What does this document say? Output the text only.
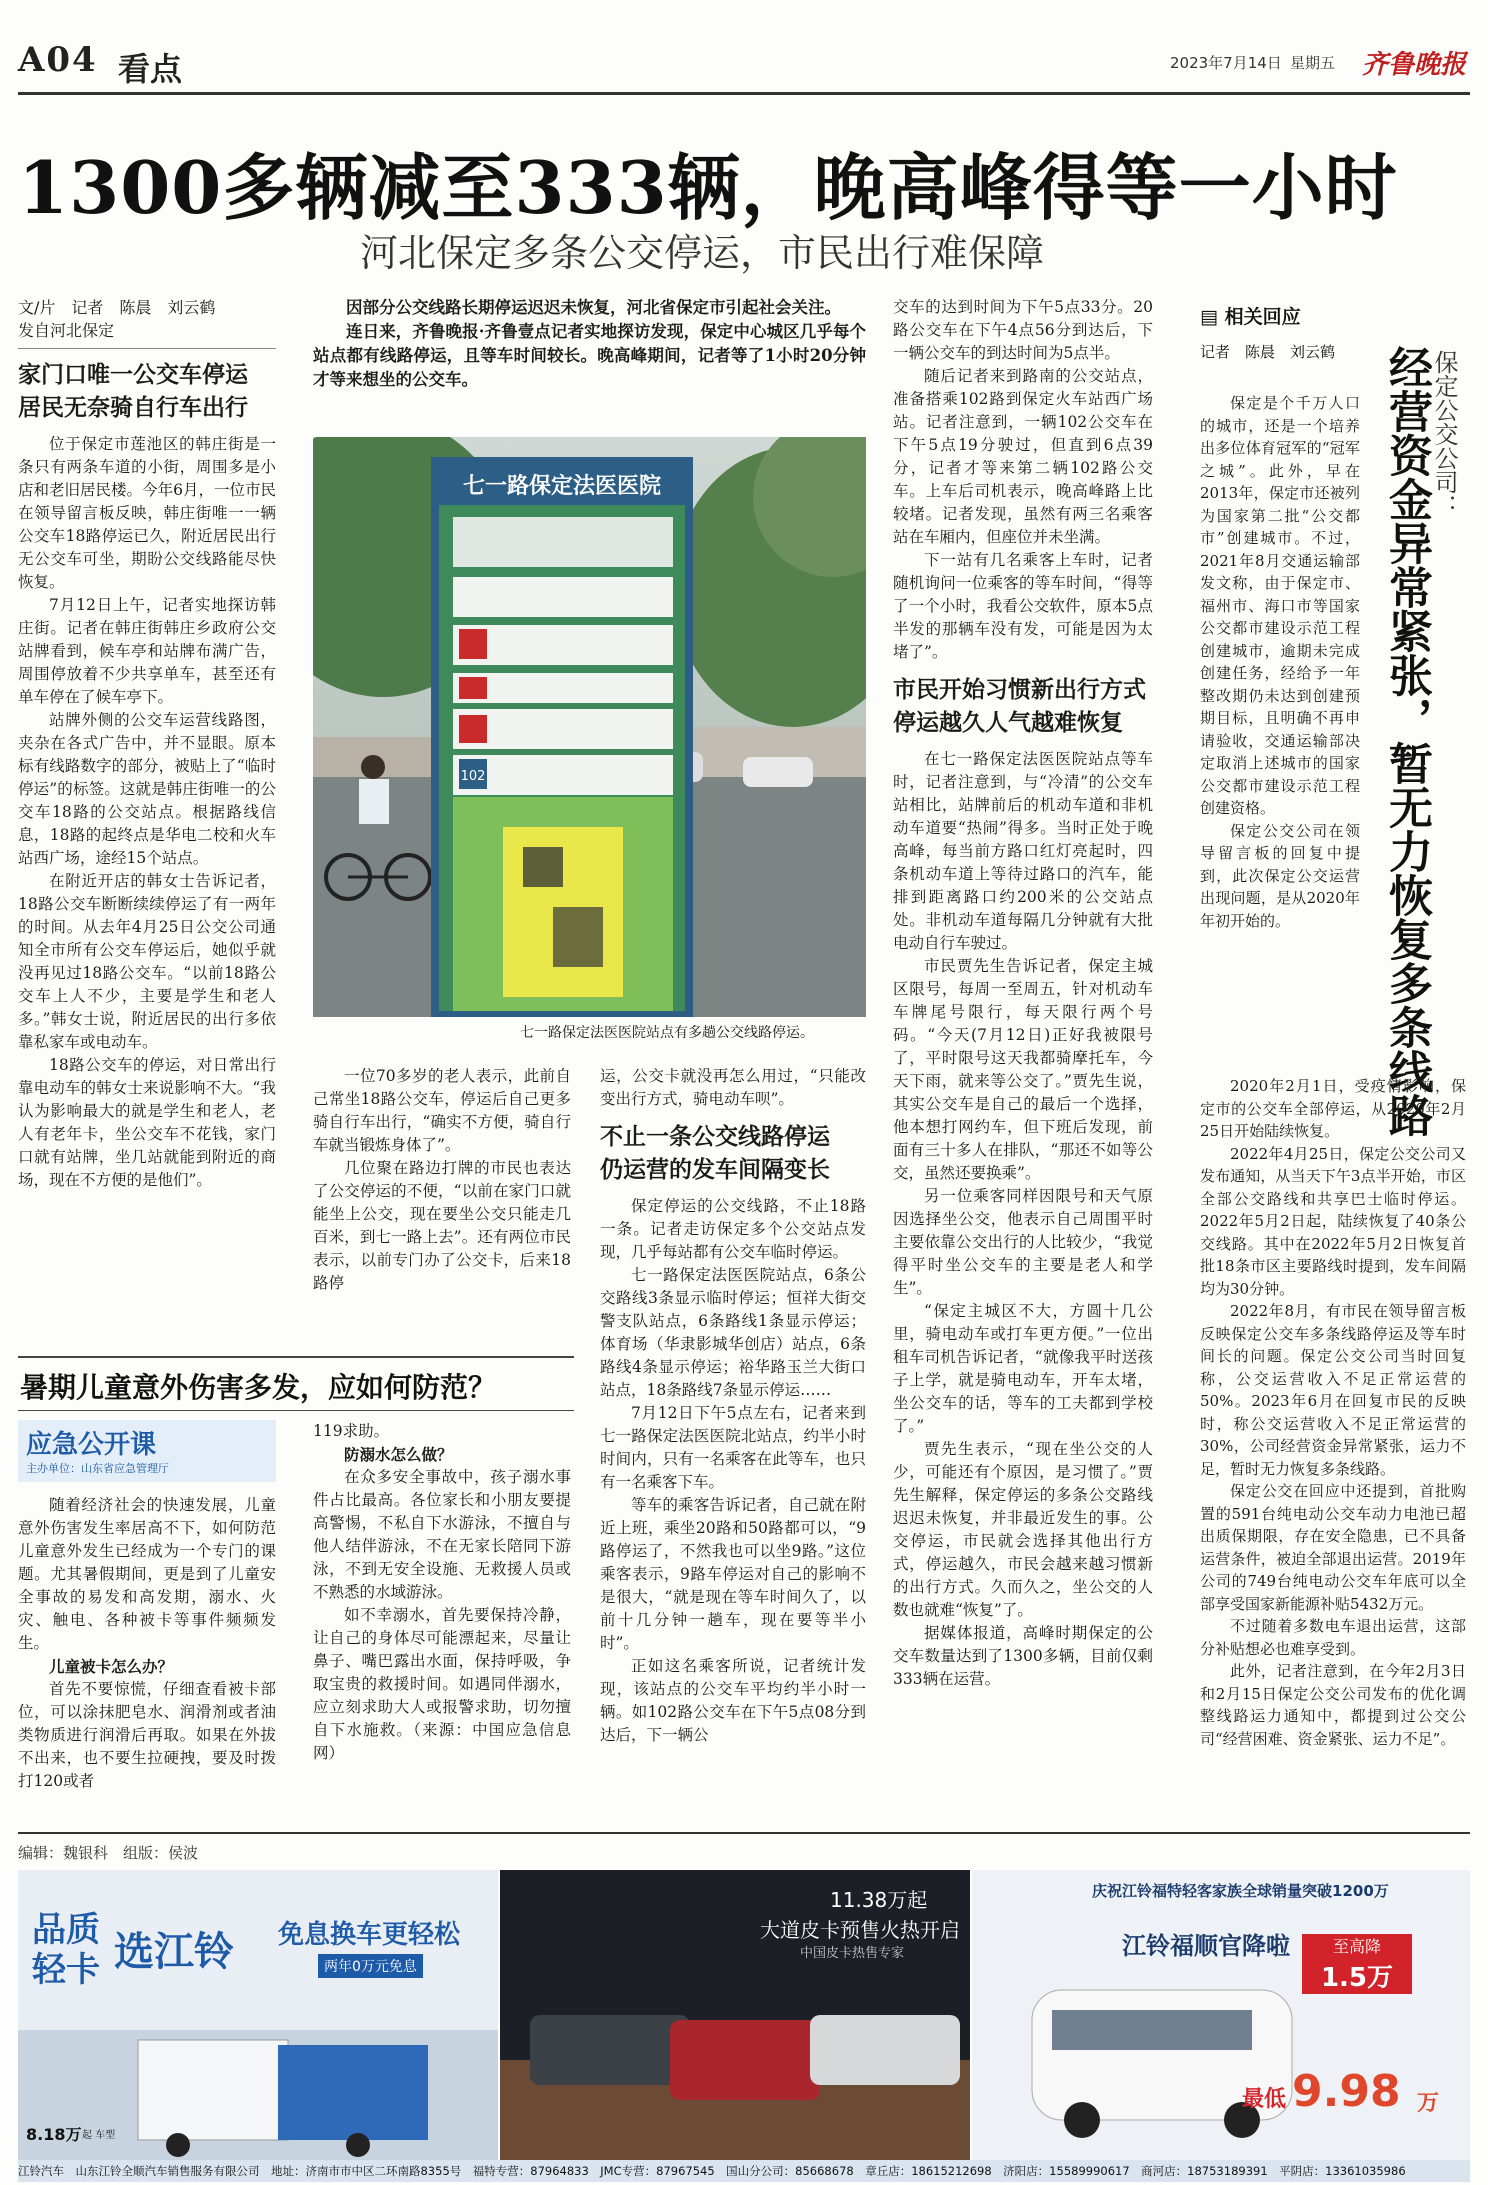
A04 看点	2023年7月14日 星期五 齐鲁晚报
1300多辆减至333辆，晚高峰得等一小时
河北保定多条公交停运，市民出行难保障
文/片　记者　陈晨　刘云鹤
发自河北保定
家门口唯一公交车停运
居民无奈骑自行车出行

位于保定市莲池区的韩庄街是一条只有两条车道的小街，周围多是小店和老旧居民楼。今年6月，一位市民在领导留言板反映，韩庄街唯一一辆公交车18路停运已久，附近居民出行无公交车可坐，期盼公交线路能尽快恢复。

7月12日上午，记者实地探访韩庄街。记者在韩庄街韩庄乡政府公交站牌看到，候车亭和站牌布满广告，周围停放着不少共享单车，甚至还有单车停在了候车亭下。

站牌外侧的公交车运营线路图，夹杂在各式广告中，并不显眼。原本标有线路数字的部分，被贴上了“临时停运”的标签。这就是韩庄街唯一的公交车18路的公交站点。根据路线信息，18路的起终点是华电二校和火车站西广场，途经15个站点。

在附近开店的韩女士告诉记者，18路公交车断断续续停运了有一两年的时间。从去年4月25日公交公司通知全市所有公交车停运后，她似乎就没再见过18路公交车。“以前18路公交车上人不少，主要是学生和老人多。”韩女士说，附近居民的出行多依靠私家车或电动车。

18路公交车的停运，对日常出行靠电动车的韩女士来说影响不大。“我认为影响最大的就是学生和老人，老人有老年卡，坐公交车不花钱，家门口就有站牌，坐几站就能到附近的商场，现在不方便的是他们”。

因部分公交线路长期停运迟迟未恢复，河北省保定市引起社会关注。

连日来，齐鲁晚报·齐鲁壹点记者实地探访发现，保定中心城区几乎每个站点都有线路停运，且等车时间较长。晚高峰期间，记者等了1小时20分钟才等来想坐的公交车。

七一路保定法医医院
102
七一路保定法医医院站点有多趟公交线路停运。

一位70多岁的老人表示，此前自己常坐18路公交车，停运后自己更多骑自行车出行，“确实不方便，骑自行车就当锻炼身体了”。

几位聚在路边打牌的市民也表达了公交停运的不便，“以前在家门口就能坐上公交，现在要坐公交只能走几百米，到七一路上去”。还有两位市民表示，以前专门办了公交卡，后来18路停

运，公交卡就没再怎么用过，“只能改变出行方式，骑电动车呗”。
不止一条公交线路停运
仍运营的发车间隔变长

保定停运的公交线路，不止18路一条。记者走访保定多个公交站点发现，几乎每站都有公交车临时停运。

七一路保定法医医院站点，6条公交路线3条显示临时停运；恒祥大街交警支队站点，6条路线1条显示停运；体育场（华隶影城华创店）站点，6条路线4条显示停运；裕华路玉兰大街口站点，18条路线7条显示停运……

7月12日下午5点左右，记者来到七一路保定法医医院北站点，约半小时时间内，只有一名乘客在此等车，也只有一名乘客下车。

等车的乘客告诉记者，自己就在附近上班，乘坐20路和50路都可以，“9路停运了，不然我也可以坐9路。”这位乘客表示，9路车停运对自己的影响不是很大，“就是现在等车时间久了，以前十几分钟一趟车，现在要等半小时”。

正如这名乘客所说，记者统计发现，该站点的公交车平均约半小时一辆。如102路公交车在下午5点08分到达后，下一辆公

交车的达到时间为下午5点33分。20路公交车在下午4点56分到达后，下一辆公交车的到达时间为5点半。

随后记者来到路南的公交站点，准备搭乘102路到保定火车站西广场站。记者注意到，一辆102公交车在下午5点19分驶过，但直到6点39分，记者才等来第二辆102路公交车。上车后司机表示，晚高峰路上比较堵。记者发现，虽然有两三名乘客站在车厢内，但座位并未坐满。

下一站有几名乘客上车时，记者随机询问一位乘客的等车时间，“得等了一个小时，我看公交软件，原本5点半发的那辆车没有发，可能是因为太堵了”。

市民开始习惯新出行方式
停运越久人气越难恢复

在七一路保定法医医院站点等车时，记者注意到，与“冷清”的公交车站相比，站牌前后的机动车道和非机动车道要“热闹”得多。当时正处于晚高峰，每当前方路口红灯亮起时，四条机动车道上等待过路口的汽车，能排到距离路口约200米的公交站点处。非机动车道每隔几分钟就有大批电动自行车驶过。

市民贾先生告诉记者，保定主城区限号，每周一至周五，针对机动车车牌尾号限行，每天限行两个号码。“今天(7月12日)正好我被限号了，平时限号这天我都骑摩托车，今天下雨，就来等公交了。”贾先生说，其实公交车是自己的最后一个选择，他本想打网约车，但下班后发现，前面有三十多人在排队，“那还不如等公交，虽然还要换乘”。

另一位乘客同样因限号和天气原因选择坐公交，他表示自己周围平时主要依靠公交出行的人比较少，“我觉得平时坐公交车的主要是老人和学生”。

“保定主城区不大，方圆十几公里，骑电动车或打车更方便。”一位出租车司机告诉记者，“就像我平时送孩子上学，就是骑电动车，开车太堵，坐公交车的话，等车的工夫都到学校了。”

贾先生表示，“现在坐公交的人少，可能还有个原因，是习惯了。”贾先生解释，保定停运的多条公交路线迟迟未恢复，并非最近发生的事。公交停运，市民就会选择其他出行方式，停运越久，市民会越来越习惯新的出行方式。久而久之，坐公交的人数也就难“恢复”了。

据媒体报道，高峰时期保定的公交车数量达到了1300多辆，目前仅剩333辆在运营。

▤ 相关回应
记者　陈晨　刘云鹤	保定公交公司：
经营资金异常紧张，暂无力恢复多条线路

保定是个千万人口的城市，还是一个培养出多位体育冠军的“冠军之城”。此外，早在2013年，保定市还被列为国家第二批“公交都市”创建城市。不过，2021年8月交通运输部发文称，由于保定市、福州市、海口市等国家公交都市建设示范工程创建城市，逾期未完成创建任务，经给予一年整改期仍未达到创建预期目标，且明确不再申请验收，交通运输部决定取消上述城市的国家公交都市建设示范工程创建资格。

保定公交公司在领导留言板的回复中提到，此次保定公交运营出现问题，是从2020年年初开始的。

2020年2月1日，受疫情影响，保定市的公交车全部停运，从2020年2月25日开始陆续恢复。

2022年4月25日，保定公交公司又发布通知，从当天下午3点半开始，市区全部公交路线和共享巴士临时停运。2022年5月2日起，陆续恢复了40条公交线路。其中在2022年5月2日恢复首批18条市区主要路线时提到，发车间隔均为30分钟。

2022年8月，有市民在领导留言板反映保定公交车多条线路停运及等车时间长的问题。保定公交公司当时回复称，公交运营收入不足正常运营的50%。2023年6月在回复市民的反映时，称公交运营收入不足正常运营的30%，公司经营资金异常紧张，运力不足，暂时无力恢复多条线路。

保定公交在回应中还提到，首批购置的591台纯电动公交车动力电池已超出质保期限，存在安全隐患，已不具备运营条件，被迫全部退出运营。2019年公司的749台纯电动公交车年底可以全部享受国家新能源补贴5432万元。

不过随着多数电车退出运营，这部分补贴想必也难享受到。

此外，记者注意到，在今年2月3日和2月15日保定公交公司发布的优化调整线路运力通知中，都提到过公交公司“经营困难、资金紧张、运力不足”。

暑期儿童意外伤害多发，应如何防范？
应急公开课
主办单位：山东省应急管理厅

随着经济社会的快速发展，儿童意外伤害发生率居高不下，如何防范儿童意外发生已经成为一个专门的课题。尤其暑假期间，更是到了儿童安全事故的易发和高发期，溺水、火灾、触电、各种被卡等事件频频发生。

儿童被卡怎么办？

首先不要惊慌，仔细查看被卡部位，可以涂抹肥皂水、润滑剂或者油类物质进行润滑后再取。如果在外拔不出来，也不要生拉硬拽，要及时拨打120或者

119求助。
防溺水怎么做？

在众多安全事故中，孩子溺水事件占比最高。各位家长和小朋友要提高警惕，不私自下水游泳，不擅自与他人结伴游泳，不在无家长陪同下游泳，不到无安全设施、无救援人员或不熟悉的水域游泳。

如不幸溺水，首先要保持冷静，让自己的身体尽可能漂起来，尽量让鼻子、嘴巴露出水面，保持呼吸，争取宝贵的救援时间。如遇同伴溺水，应立刻求助大人或报警求助，切勿擅自下水施救。（来源：中国应急信息网）

编辑：魏银科　组版：侯波
品质
轻卡 选江铃 免息换车更轻松
两年0万元免息
8.18万 起 车型
11.38万起
大道皮卡预售火热开启
中国皮卡热售专家
庆祝江铃福特轻客家族全球销量突破1200万
江铃福顺官降啦	至高降
1.5万
最低 9.98 万
江铃汽车　山东江铃全顺汽车销售服务有限公司　地址：济南市市中区二环南路8355号　福特专营：87964833　JMC专营：87967545　国山分公司：85668678　章丘店：18615212698　济阳店：15589990617　商河店：18753189391　平阴店：13361035986
